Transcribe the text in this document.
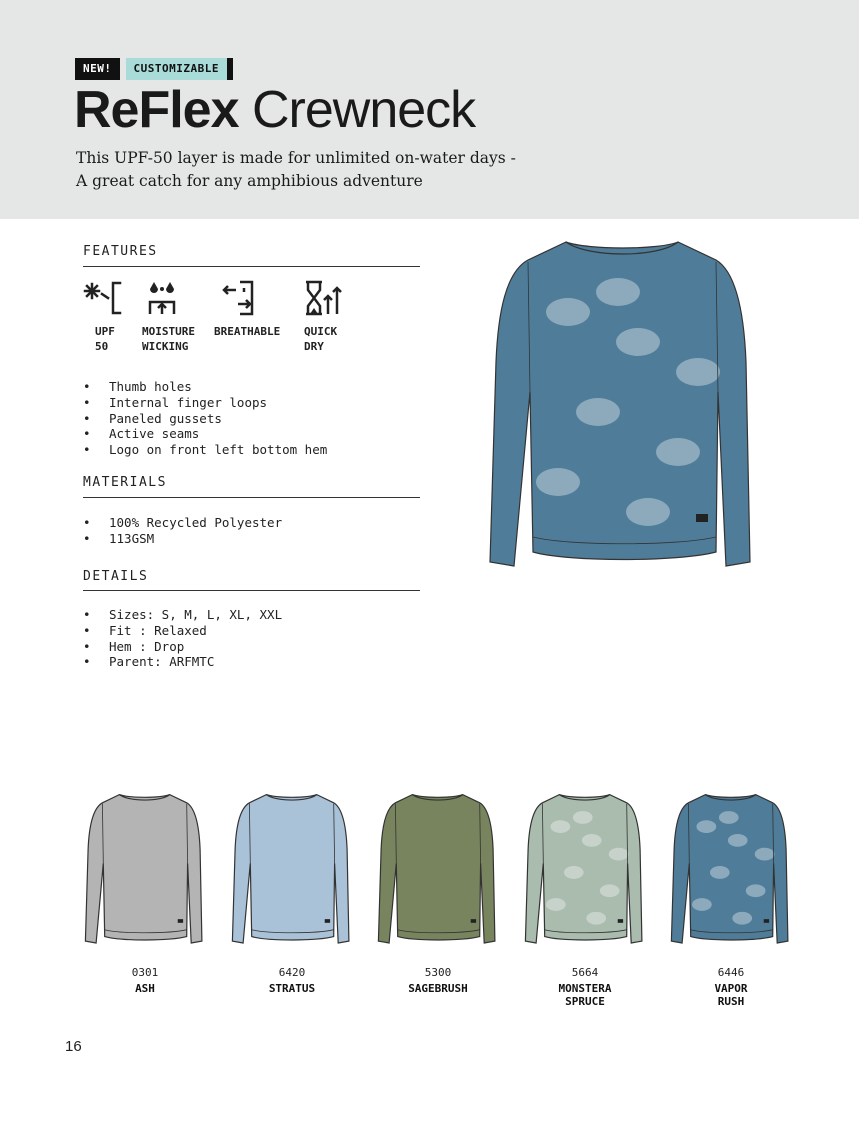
NEW!	CUSTOMIZABLE
ReFlex Crewneck
This UPF-50 layer is made for unlimited on-water days -
A great catch for any amphibious adventure
FEATURES
UPF
50
MOISTURE
WICKING
BREATHABLE	QUICK
DRY
• Thumb holes
• Internal finger loops
• Paneled gussets
• Active seams
• Logo on front left bottom hem
MATERIALS
• 100% Recycled Polyester
• 113GSM
DETAILS
• Sizes: S, M, L, XL, XXL
• Fit : Relaxed
• Hem : Drop
• Parent: ARFMTC
0301
ASH
6420
STRATUS
5300
SAGEBRUSH
5664
MONSTERA
SPRUCE
6446
VAPOR
RUSH
16
